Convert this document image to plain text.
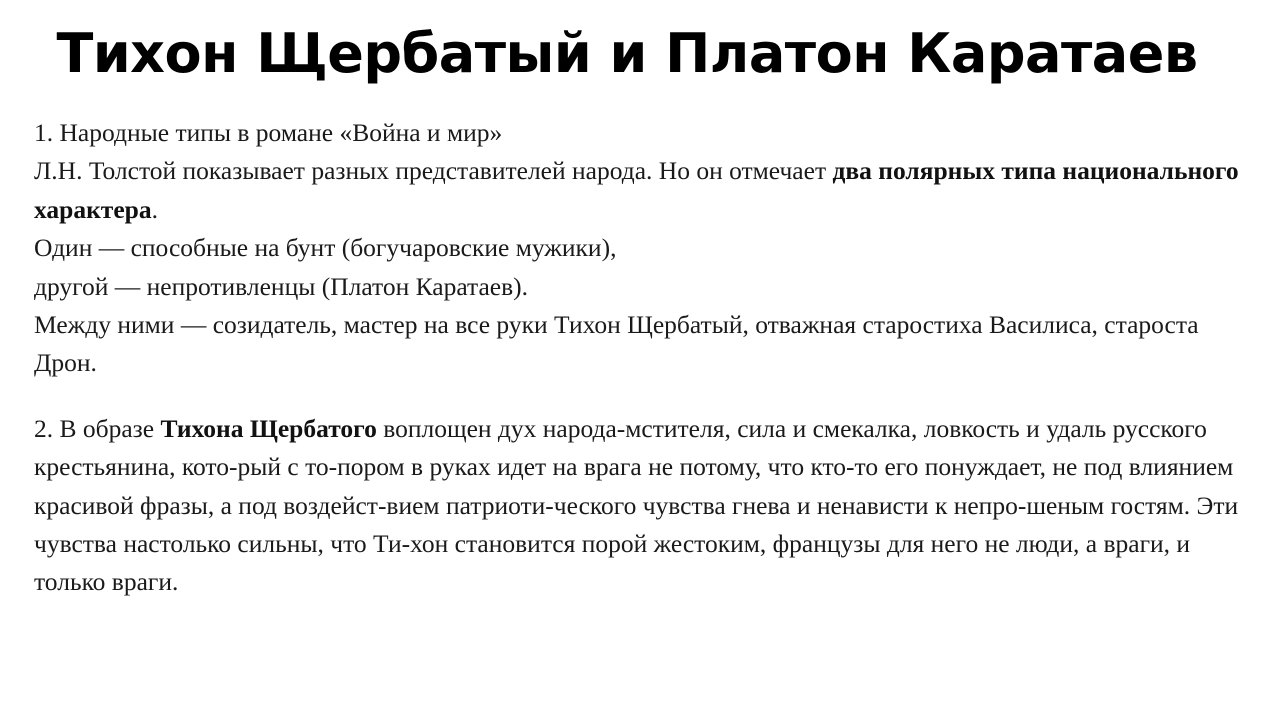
Тихон Щербатый и Платон Каратаев

1. Народные типы в романе «Война и мир»

Л.Н. Толстой показывает разных представителей народа. Но он отмечает два полярных типа национального характера.

Один — способные на бунт (богучаровские мужики),

другой — непротивленцы (Платон Каратаев).

Между ними — созидатель, мастер на все руки Тихон Щербатый, отважная старостиха Василиса, староста Дрон.

2. В образе Тихона Щербатого воплощен дух народа-мстителя, сила и смекалка, ловкость и удаль русского крестьянина, кото-рый с то-пором в руках идет на врага не потому, что кто-то его понуждает, не под влиянием красивой фразы, а под воздейст-вием патриоти-ческого чувства гнева и ненависти к непро-шеным гостям. Эти чувства настолько сильны, что Ти-хон становится порой жестоким, французы для него не люди, а враги, и только враги.
